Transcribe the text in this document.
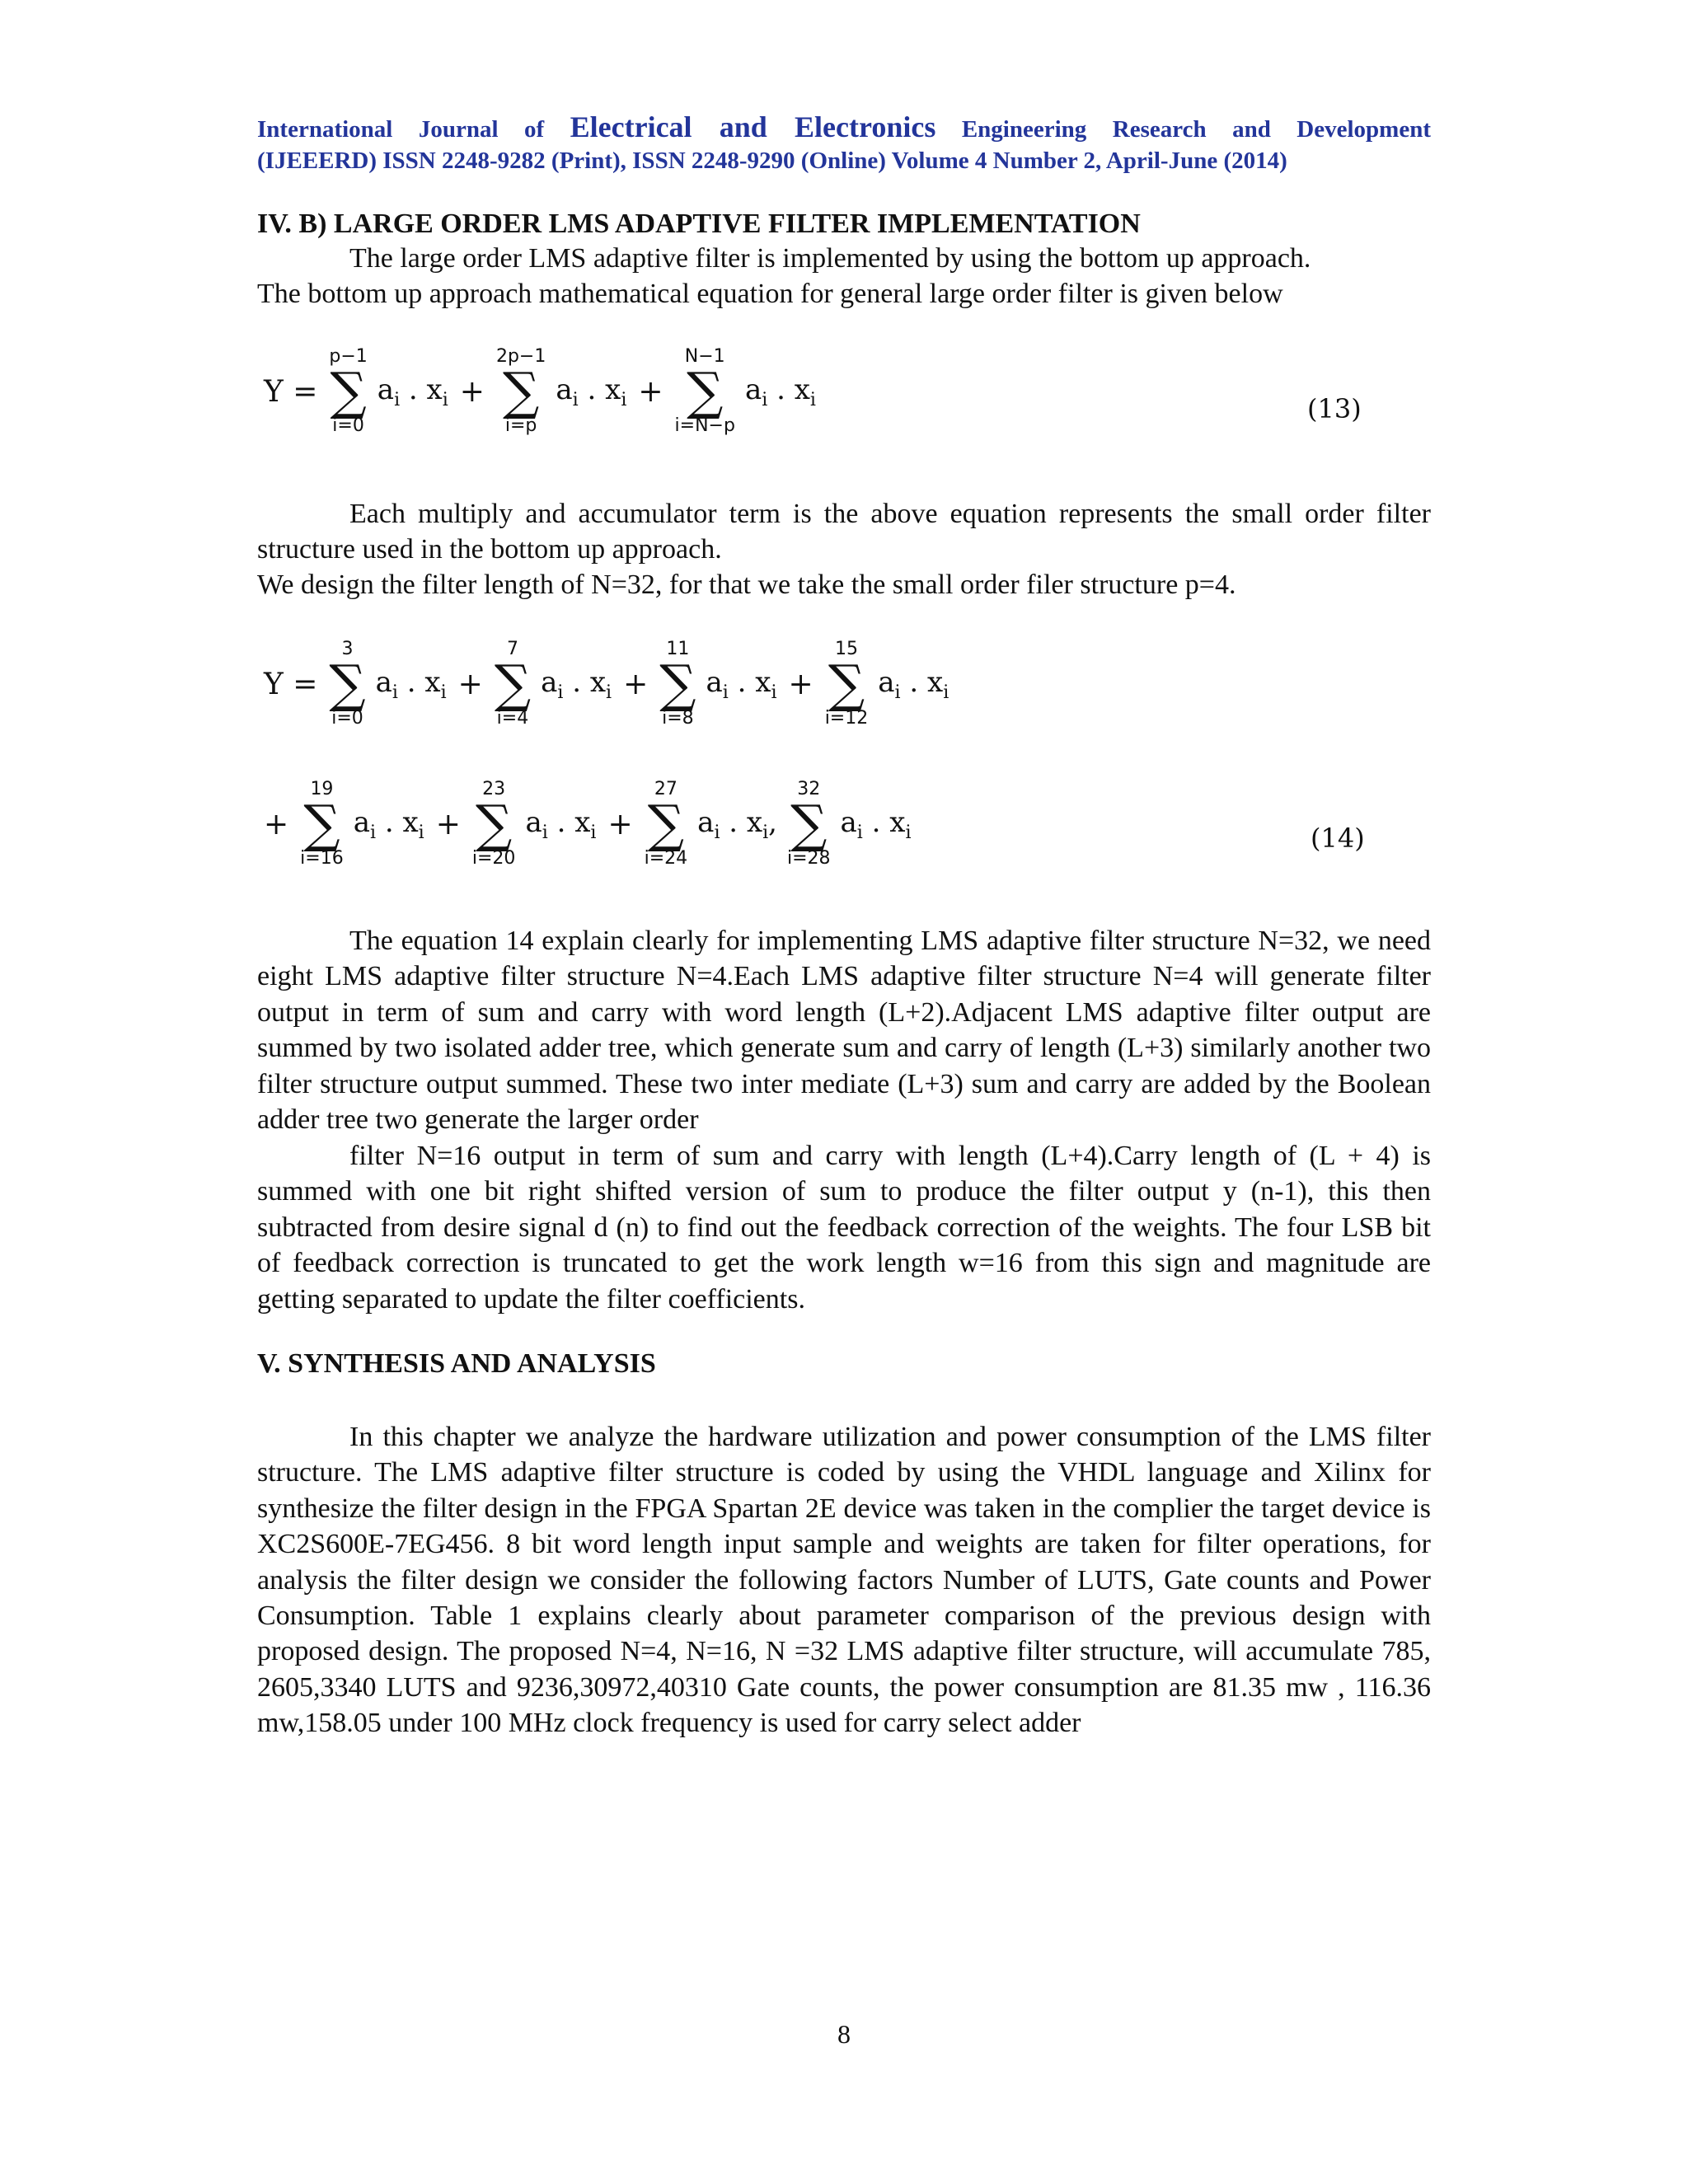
International Journal of Electrical and Electronics Engineering Research and Development
(IJEEERD) ISSN 2248-9282 (Print), ISSN 2248-9290 (Online) Volume 4 Number 2, April-June (2014)
IV. B) LARGE ORDER LMS ADAPTIVE FILTER IMPLEMENTATION

The large order LMS adaptive filter is implemented by using the bottom up approach.
The bottom up approach mathematical equation for general large order filter is given below

Y =
p−1
∑
i=0
$a_i$ . $x_i$ +
2p−1
∑
i=p
$a_i$ . $x_i$ +
N−1
∑
i=N−p
$a_i$ . $x_i$	(13)

Each multiply and accumulator term is the above equation represents the small order filter structure used in the bottom up approach.

We design the filter length of N=32, for that we take the small order filer structure p=4.

Y =
3
∑
i=0
$a_i$ . $x_i$ +
7
∑
i=4
$a_i$ . $x_i$ +
11
∑
i=8
$a_i$ . $x_i$ +
15
∑
i=12
$a_i$ . $x_i$
+
19
∑
i=16
$a_i$ . $x_i$ +
23
∑
i=20
$a_i$ . $x_i$ +
27
∑
i=24
$a_i$ . $x_i$,
32
∑
i=28
$a_i$ . $x_i$	(14)

The equation 14 explain clearly for implementing LMS adaptive filter structure N=32, we need eight LMS adaptive filter structure N=4.Each LMS adaptive filter structure N=4 will generate filter output in term of sum and carry with word length (L+2).Adjacent LMS adaptive filter output are summed by two isolated adder tree, which generate sum and carry of length (L+3) similarly another two filter structure output summed. These two inter mediate (L+3) sum and carry are added by the Boolean adder tree two generate the larger order

filter N=16 output in term of sum and carry with length (L+4).Carry length of (L + 4) is summed with one bit right shifted version of sum to produce the filter output y (n-1), this then subtracted from desire signal d (n) to find out the feedback correction of the weights. The four LSB bit of feedback correction is truncated to get the work length w=16 from this sign and magnitude are getting separated to update the filter coefficients.

V. SYNTHESIS AND ANALYSIS

In this chapter we analyze the hardware utilization and power consumption of the LMS filter structure. The LMS adaptive filter structure is coded by using the VHDL language and Xilinx for synthesize the filter design in the FPGA Spartan 2E device was taken in the complier the target device is XC2S600E-7EG456. 8 bit word length input sample and weights are taken for filter operations, for analysis the filter design we consider the following factors Number of LUTS, Gate counts and Power Consumption. Table 1 explains clearly about parameter comparison of the previous design with proposed design. The proposed N=4, N=16, N =32 LMS adaptive filter structure, will accumulate 785, 2605,3340 LUTS and 9236,30972,40310 Gate counts, the power consumption are 81.35 mw , 116.36 mw,158.05 under 100 MHz clock frequency is used for carry select adder

8
